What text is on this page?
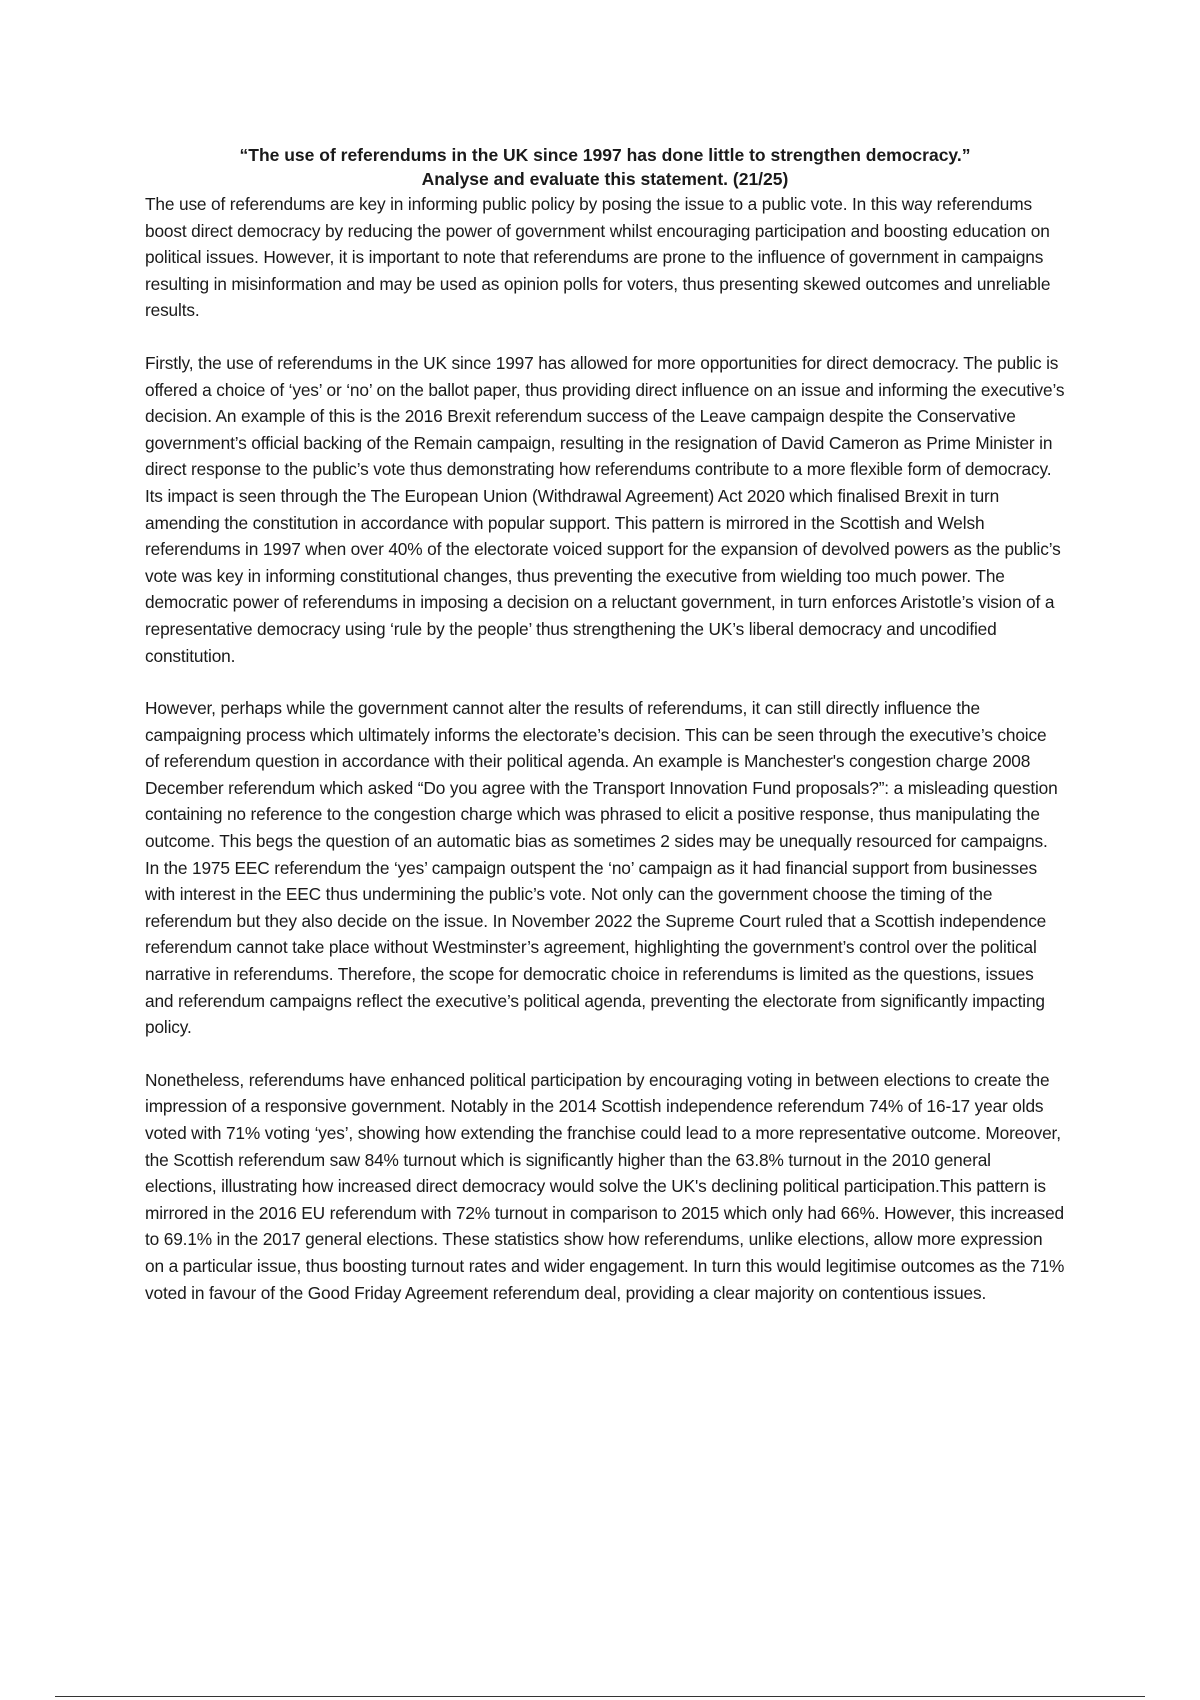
“The use of referendums in the UK since 1997 has done little to strengthen democracy.”

Analyse and evaluate this statement. (21/25)

The use of referendums are key in informing public policy by posing the issue to a public vote. In this way referendums boost direct democracy by reducing the power of government whilst encouraging participation and boosting education on political issues. However, it is important to note that referendums are prone to the influence of government in campaigns resulting in misinformation and may be used as opinion polls for voters, thus presenting skewed outcomes and unreliable results.

Firstly, the use of referendums in the UK since 1997 has allowed for more opportunities for direct democracy. The public is offered a choice of ‘yes’ or ‘no’ on the ballot paper, thus providing direct influence on an issue and informing the executive’s decision. An example of this is the 2016 Brexit referendum success of the Leave campaign despite the Conservative government’s official backing of the Remain campaign, resulting in the resignation of David Cameron as Prime Minister in direct response to the public’s vote thus demonstrating how referendums contribute to a more flexible form of democracy. Its impact is seen through the The European Union (Withdrawal Agreement) Act 2020 which finalised Brexit in turn amending the constitution in accordance with popular support. This pattern is mirrored in the Scottish and Welsh referendums in 1997 when over 40% of the electorate voiced support for the expansion of devolved powers as the public’s vote was key in informing constitutional changes, thus preventing the executive from wielding too much power. The democratic power of referendums in imposing a decision on a reluctant government, in turn enforces Aristotle’s vision of a representative democracy using ‘rule by the people’ thus strengthening the UK’s liberal democracy and uncodified constitution.

However, perhaps while the government cannot alter the results of referendums, it can still directly influence the campaigning process which ultimately informs the electorate’s decision. This can be seen through the executive’s choice of referendum question in accordance with their political agenda. An example is Manchester's congestion charge 2008 December referendum which asked “Do you agree with the Transport Innovation Fund proposals?”: a misleading question containing no reference to the congestion charge which was phrased to elicit a positive response, thus manipulating the outcome. This begs the question of an automatic bias as sometimes 2 sides may be unequally resourced for campaigns. In the 1975 EEC referendum the ‘yes’ campaign outspent the ‘no’ campaign as it had financial support from businesses with interest in the EEC thus undermining the public’s vote. Not only can the government choose the timing of the referendum but they also decide on the issue. In November 2022 the Supreme Court ruled that a Scottish independence referendum cannot take place without Westminster’s agreement, highlighting the government’s control over the political narrative in referendums. Therefore, the scope for democratic choice in referendums is limited as the questions, issues and referendum campaigns reflect the executive’s political agenda, preventing the electorate from significantly impacting policy.

Nonetheless, referendums have enhanced political participation by encouraging voting in between elections to create the impression of a responsive government. Notably in the 2014 Scottish independence referendum 74% of 16-17 year olds voted with 71% voting ‘yes’, showing how extending the franchise could lead to a more representative outcome. Moreover, the Scottish referendum saw 84% turnout which is significantly higher than the 63.8% turnout in the 2010 general elections, illustrating how increased direct democracy would solve the UK's declining political participation.This pattern is mirrored in the 2016 EU referendum with 72% turnout in comparison to 2015 which only had 66%. However, this increased to 69.1% in the 2017 general elections. These statistics show how referendums, unlike elections, allow more expression on a particular issue, thus boosting turnout rates and wider engagement. In turn this would legitimise outcomes as the 71% voted in favour of the Good Friday Agreement referendum deal, providing a clear majority on contentious issues.
